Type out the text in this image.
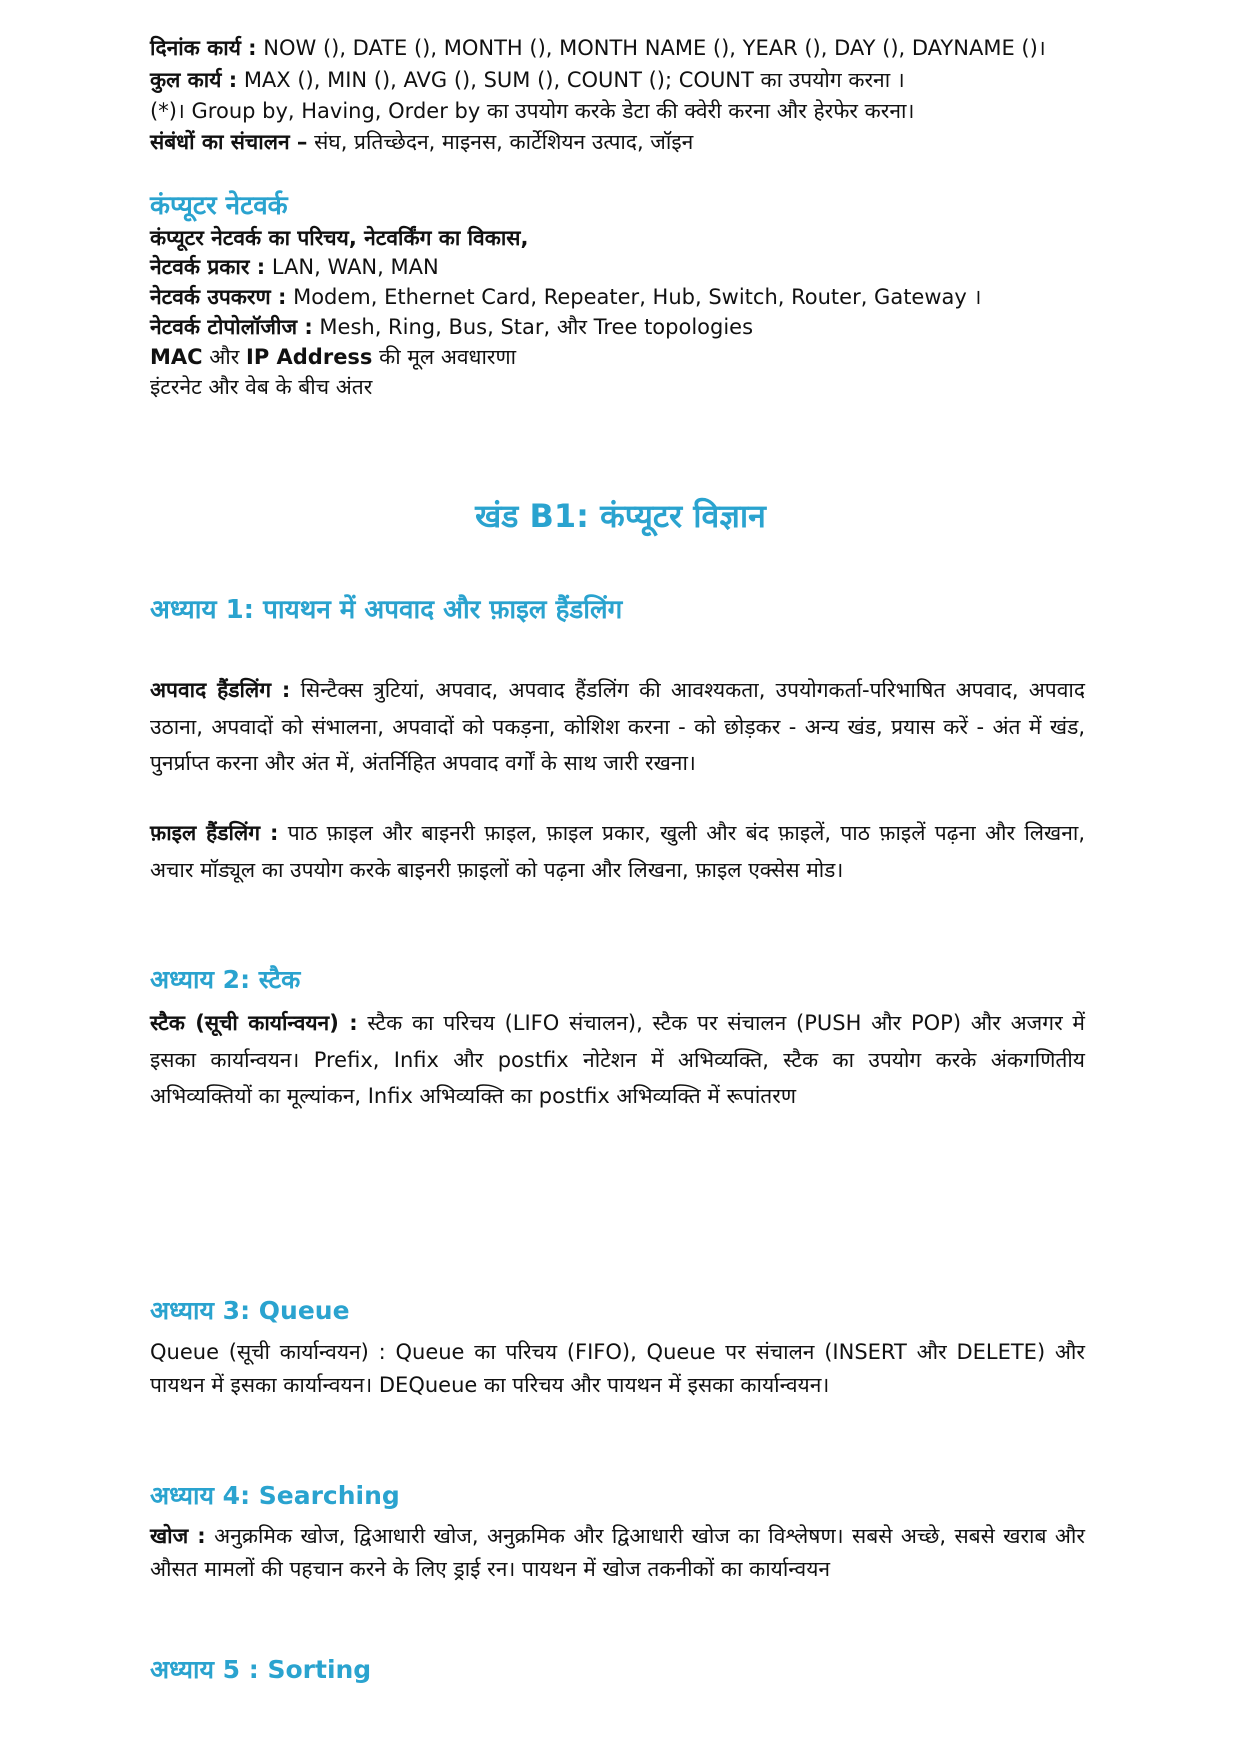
दिनांक कार्य : NOW (), DATE (), MONTH (), MONTH NAME (), YEAR (), DAY (), DAYNAME ()।
कुल कार्य : MAX (), MIN (), AVG (), SUM (), COUNT (); COUNT का उपयोग करना ।
(*)। Group by, Having, Order by का उपयोग करके डेटा की क्वेरी करना और हेरफेर करना।
संबंधों का संचालन – संघ, प्रतिच्छेदन, माइनस, कार्टेशियन उत्पाद, जॉइन
कंप्यूटर नेटवर्क
कंप्यूटर नेटवर्क का परिचय, नेटवर्किंग का विकास,
नेटवर्क प्रकार : LAN, WAN, MAN
नेटवर्क उपकरण : Modem, Ethernet Card, Repeater, Hub, Switch, Router, Gateway ।
नेटवर्क टोपोलॉजीज : Mesh, Ring, Bus, Star, और Tree topologies
MAC और IP Address की मूल अवधारणा
इंटरनेट और वेब के बीच अंतर
खंड B1: कंप्यूटर विज्ञान
अध्याय 1: पायथन में अपवाद और फ़ाइल हैंडलिंग
अपवाद हैंडलिंग : सिन्टैक्स त्रुटियां, अपवाद, अपवाद हैंडलिंग की आवश्यकता, उपयोगकर्ता-परिभाषित अपवाद, अपवाद उठाना, अपवादों को संभालना, अपवादों को पकड़ना, कोशिश करना - को छोड़कर - अन्य खंड, प्रयास करें - अंत में खंड, पुनर्प्राप्त करना और अंत में, अंतर्निहित अपवाद वर्गों के साथ जारी रखना।
फ़ाइल हैंडलिंग : पाठ फ़ाइल और बाइनरी फ़ाइल, फ़ाइल प्रकार, खुली और बंद फ़ाइलें, पाठ फ़ाइलें पढ़ना और लिखना, अचार मॉड्यूल का उपयोग करके बाइनरी फ़ाइलों को पढ़ना और लिखना, फ़ाइल एक्सेस मोड।
अध्याय 2: स्टैक
स्टैक (सूची कार्यान्वयन) : स्टैक का परिचय (LIFO संचालन), स्टैक पर संचालन (PUSH और POP) और अजगर में इसका कार्यान्वयन। Prefix, Infix और postfix नोटेशन में अभिव्यक्ति, स्टैक का उपयोग करके अंकगणितीय अभिव्यक्तियों का मूल्यांकन, Infix अभिव्यक्ति का postfix अभिव्यक्ति में रूपांतरण
अध्याय 3: Queue
Queue (सूची कार्यान्वयन) : Queue का परिचय (FIFO), Queue पर संचालन (INSERT और DELETE) और पायथन में इसका कार्यान्वयन। DEQueue का परिचय और पायथन में इसका कार्यान्वयन।
अध्याय 4: Searching
खोज : अनुक्रमिक खोज, द्विआधारी खोज, अनुक्रमिक और द्विआधारी खोज का विश्लेषण। सबसे अच्छे, सबसे खराब और औसत मामलों की पहचान करने के लिए ड्राई रन। पायथन में खोज तकनीकों का कार्यान्वयन
अध्याय 5 : Sorting
